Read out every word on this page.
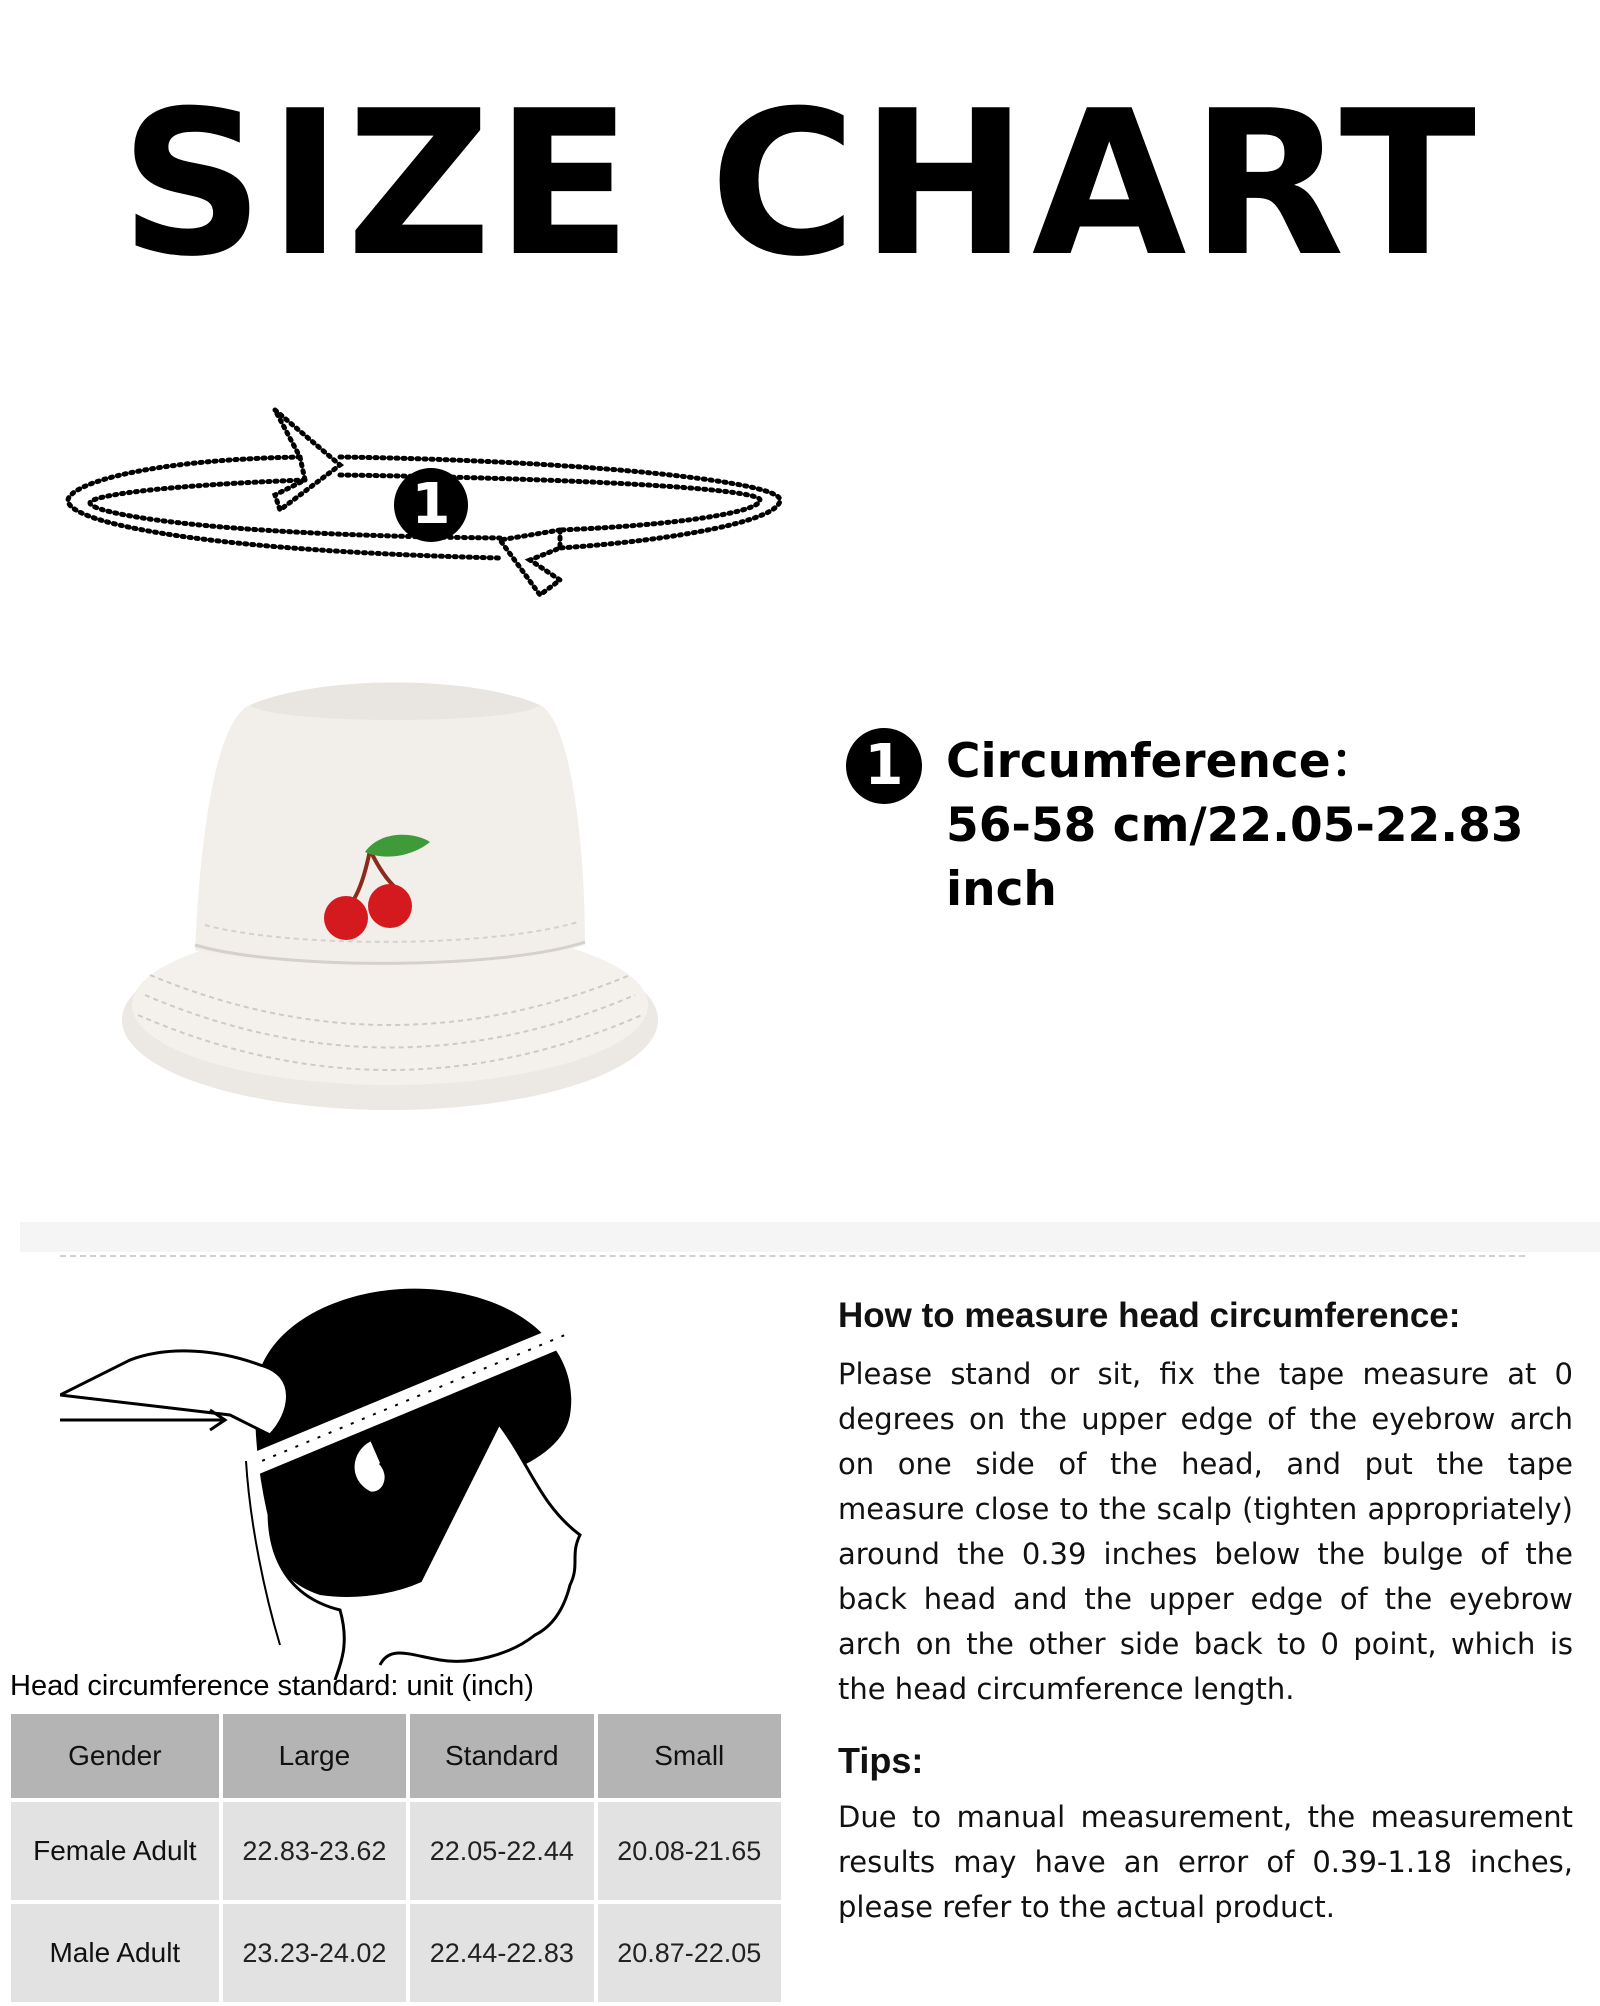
SIZE CHART
1
1 Circumference：
56-58 cm/22.05-22.83 inch
Head circumference standard: unit (inch)
Gender	Large	Standard	Small
Female Adult	22.83-23.62	22.05-22.44	20.08-21.65
Male Adult	23.23-24.02	22.44-22.83	20.87-22.05
How to measure head circumference:
Please stand or sit, fix the tape measure at 0 degrees on the upper edge of the eyebrow arch on one side of the head, and put the tape measure close to the scalp (tighten appropriately) around the 0.39 inches below the bulge of the back head and the upper edge of the eyebrow arch on the other side back to 0 point, which is the head circumference length.
Tips:
Due to manual measurement, the measurement results may have an error of 0.39-1.18 inches, please refer to the actual product.
